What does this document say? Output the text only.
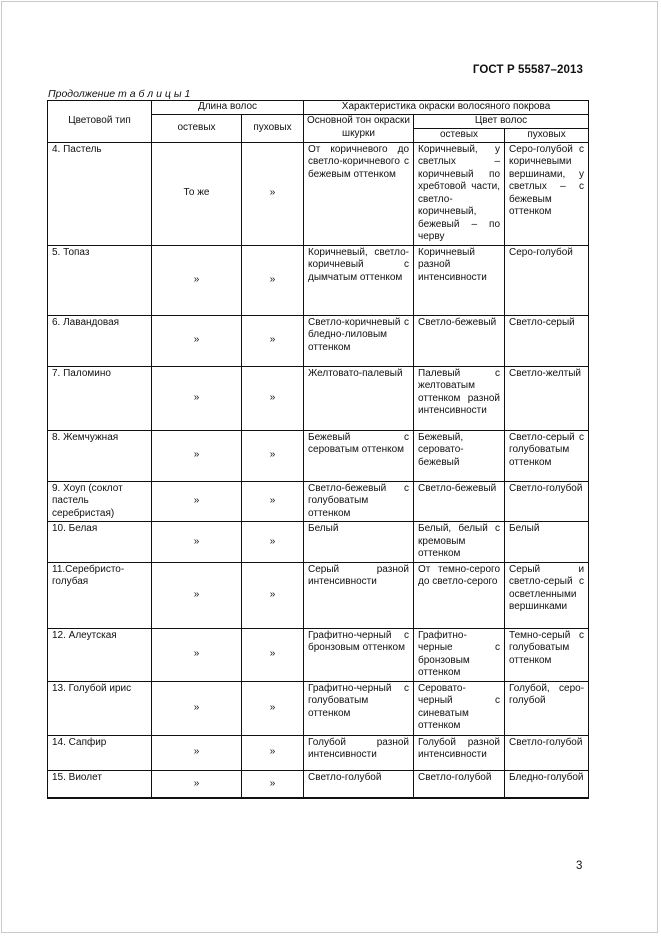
ГОСТ Р 55587–2013
Продолжение т а б л и ц ы 1
Цветовой тип	Длина волос		Характеристика окраски волосяного покрова		
	остевых	пуховых	Основной тон окраски шкурки	Цвет волос	
				остевых	пуховых
4. Пастель	То же	»	От коричневого до светло-коричневого с бежевым оттенком	Коричневый, у светлых – коричневый по хребтовой части, светло-коричневый, бежевый – по черву	Серо-голубой с коричневыми вершинами, у светлых – с бежевым оттенком
5. Топаз	»	»	Коричневый, светло-коричневый с дымчатым оттенком	Коричневый разной интенсивности	Серо-голубой
6. Лавандовая	»	»	Светло-коричневый с бледно-лиловым оттенком	Светло-бежевый	Светло-серый
7. Паломино	»	»	Желтовато-палевый	Палевый с желтоватым оттенком разной интенсивности	Светло-желтый
8. Жемчужная	»	»	Бежевый с сероватым оттенком	Бежевый, серовато-бежевый	Светло-серый с голубоватым оттенком
9. Хоуп (соклот пастель серебристая)	»	»	Светло-бежевый с голубоватым оттенком	Светло-бежевый	Светло-голубой
10. Белая	»	»	Белый	Белый, белый с кремовым оттенком	Белый
11.Серебристо-голубая	»	»	Серый разной интенсивности	От темно-серого до светло-серого	Серый и светло-серый с осветленными вершинками
12. Алеутская	»	»	Графитно-черный с бронзовым оттенком	Графитно-черные с бронзовым оттенком	Темно-серый с голубоватым оттенком
13. Голубой ирис	»	»	Графитно-черный с голубоватым оттенком	Серовато-черный с синеватым оттенком	Голубой, серо-голубой
14. Сапфир	»	»	Голубой разной интенсивности	Голубой разной интенсивности	Светло-голубой
15. Виолет	»	»	Светло-голубой	Светло-голубой	Бледно-голубой
3
